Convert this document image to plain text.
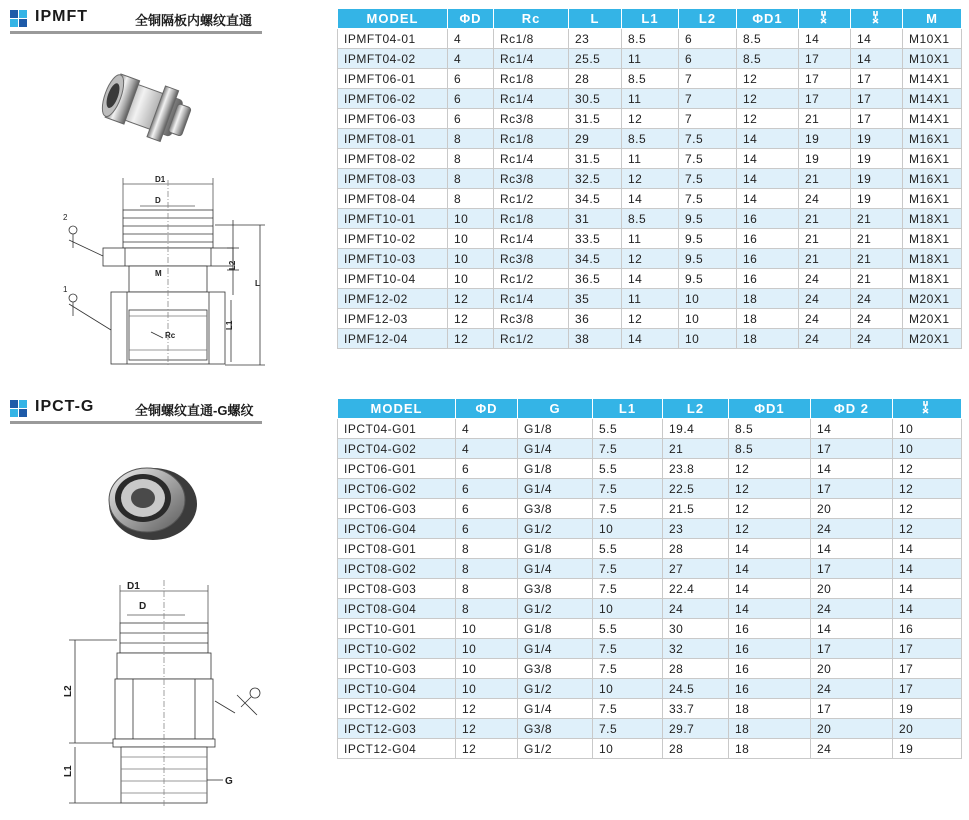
IPMFT	全铜隔板内螺纹直通
D1
D
M
Rc
L2
L
L1
2
1
MODEL	ΦD	Rc	L	L1	L2	ΦD1			M
IPMFT04-01	4	Rc1/8	23	8.5	6	8.5	14	14	M10X1
IPMFT04-02	4	Rc1/4	25.5	11	6	8.5	17	14	M10X1
IPMFT06-01	6	Rc1/8	28	8.5	7	12	17	17	M14X1
IPMFT06-02	6	Rc1/4	30.5	11	7	12	17	17	M14X1
IPMFT06-03	6	Rc3/8	31.5	12	7	12	21	17	M14X1
IPMFT08-01	8	Rc1/8	29	8.5	7.5	14	19	19	M16X1
IPMFT08-02	8	Rc1/4	31.5	11	7.5	14	19	19	M16X1
IPMFT08-03	8	Rc3/8	32.5	12	7.5	14	21	19	M16X1
IPMFT08-04	8	Rc1/2	34.5	14	7.5	14	24	19	M16X1
IPMFT10-01	10	Rc1/8	31	8.5	9.5	16	21	21	M18X1
IPMFT10-02	10	Rc1/4	33.5	11	9.5	16	21	21	M18X1
IPMFT10-03	10	Rc3/8	34.5	12	9.5	16	21	21	M18X1
IPMFT10-04	10	Rc1/2	36.5	14	9.5	16	24	21	M18X1
IPMF12-02	12	Rc1/4	35	11	10	18	24	24	M20X1
IPMF12-03	12	Rc3/8	36	12	10	18	24	24	M20X1
IPMF12-04	12	Rc1/2	38	14	10	18	24	24	M20X1
IPCT-G	全铜螺纹直通-G螺纹
D1
D
L2
L1
G
MODEL	ΦD	G	L1	L2	ΦD1	ΦD 2	
IPCT04-G01	4	G1/8	5.5	19.4	8.5	14	10
IPCT04-G02	4	G1/4	7.5	21	8.5	17	10
IPCT06-G01	6	G1/8	5.5	23.8	12	14	12
IPCT06-G02	6	G1/4	7.5	22.5	12	17	12
IPCT06-G03	6	G3/8	7.5	21.5	12	20	12
IPCT06-G04	6	G1/2	10	23	12	24	12
IPCT08-G01	8	G1/8	5.5	28	14	14	14
IPCT08-G02	8	G1/4	7.5	27	14	17	14
IPCT08-G03	8	G3/8	7.5	22.4	14	20	14
IPCT08-G04	8	G1/2	10	24	14	24	14
IPCT10-G01	10	G1/8	5.5	30	16	14	16
IPCT10-G02	10	G1/4	7.5	32	16	17	17
IPCT10-G03	10	G3/8	7.5	28	16	20	17
IPCT10-G04	10	G1/2	10	24.5	16	24	17
IPCT12-G02	12	G1/4	7.5	33.7	18	17	19
IPCT12-G03	12	G3/8	7.5	29.7	18	20	20
IPCT12-G04	12	G1/2	10	28	18	24	19
